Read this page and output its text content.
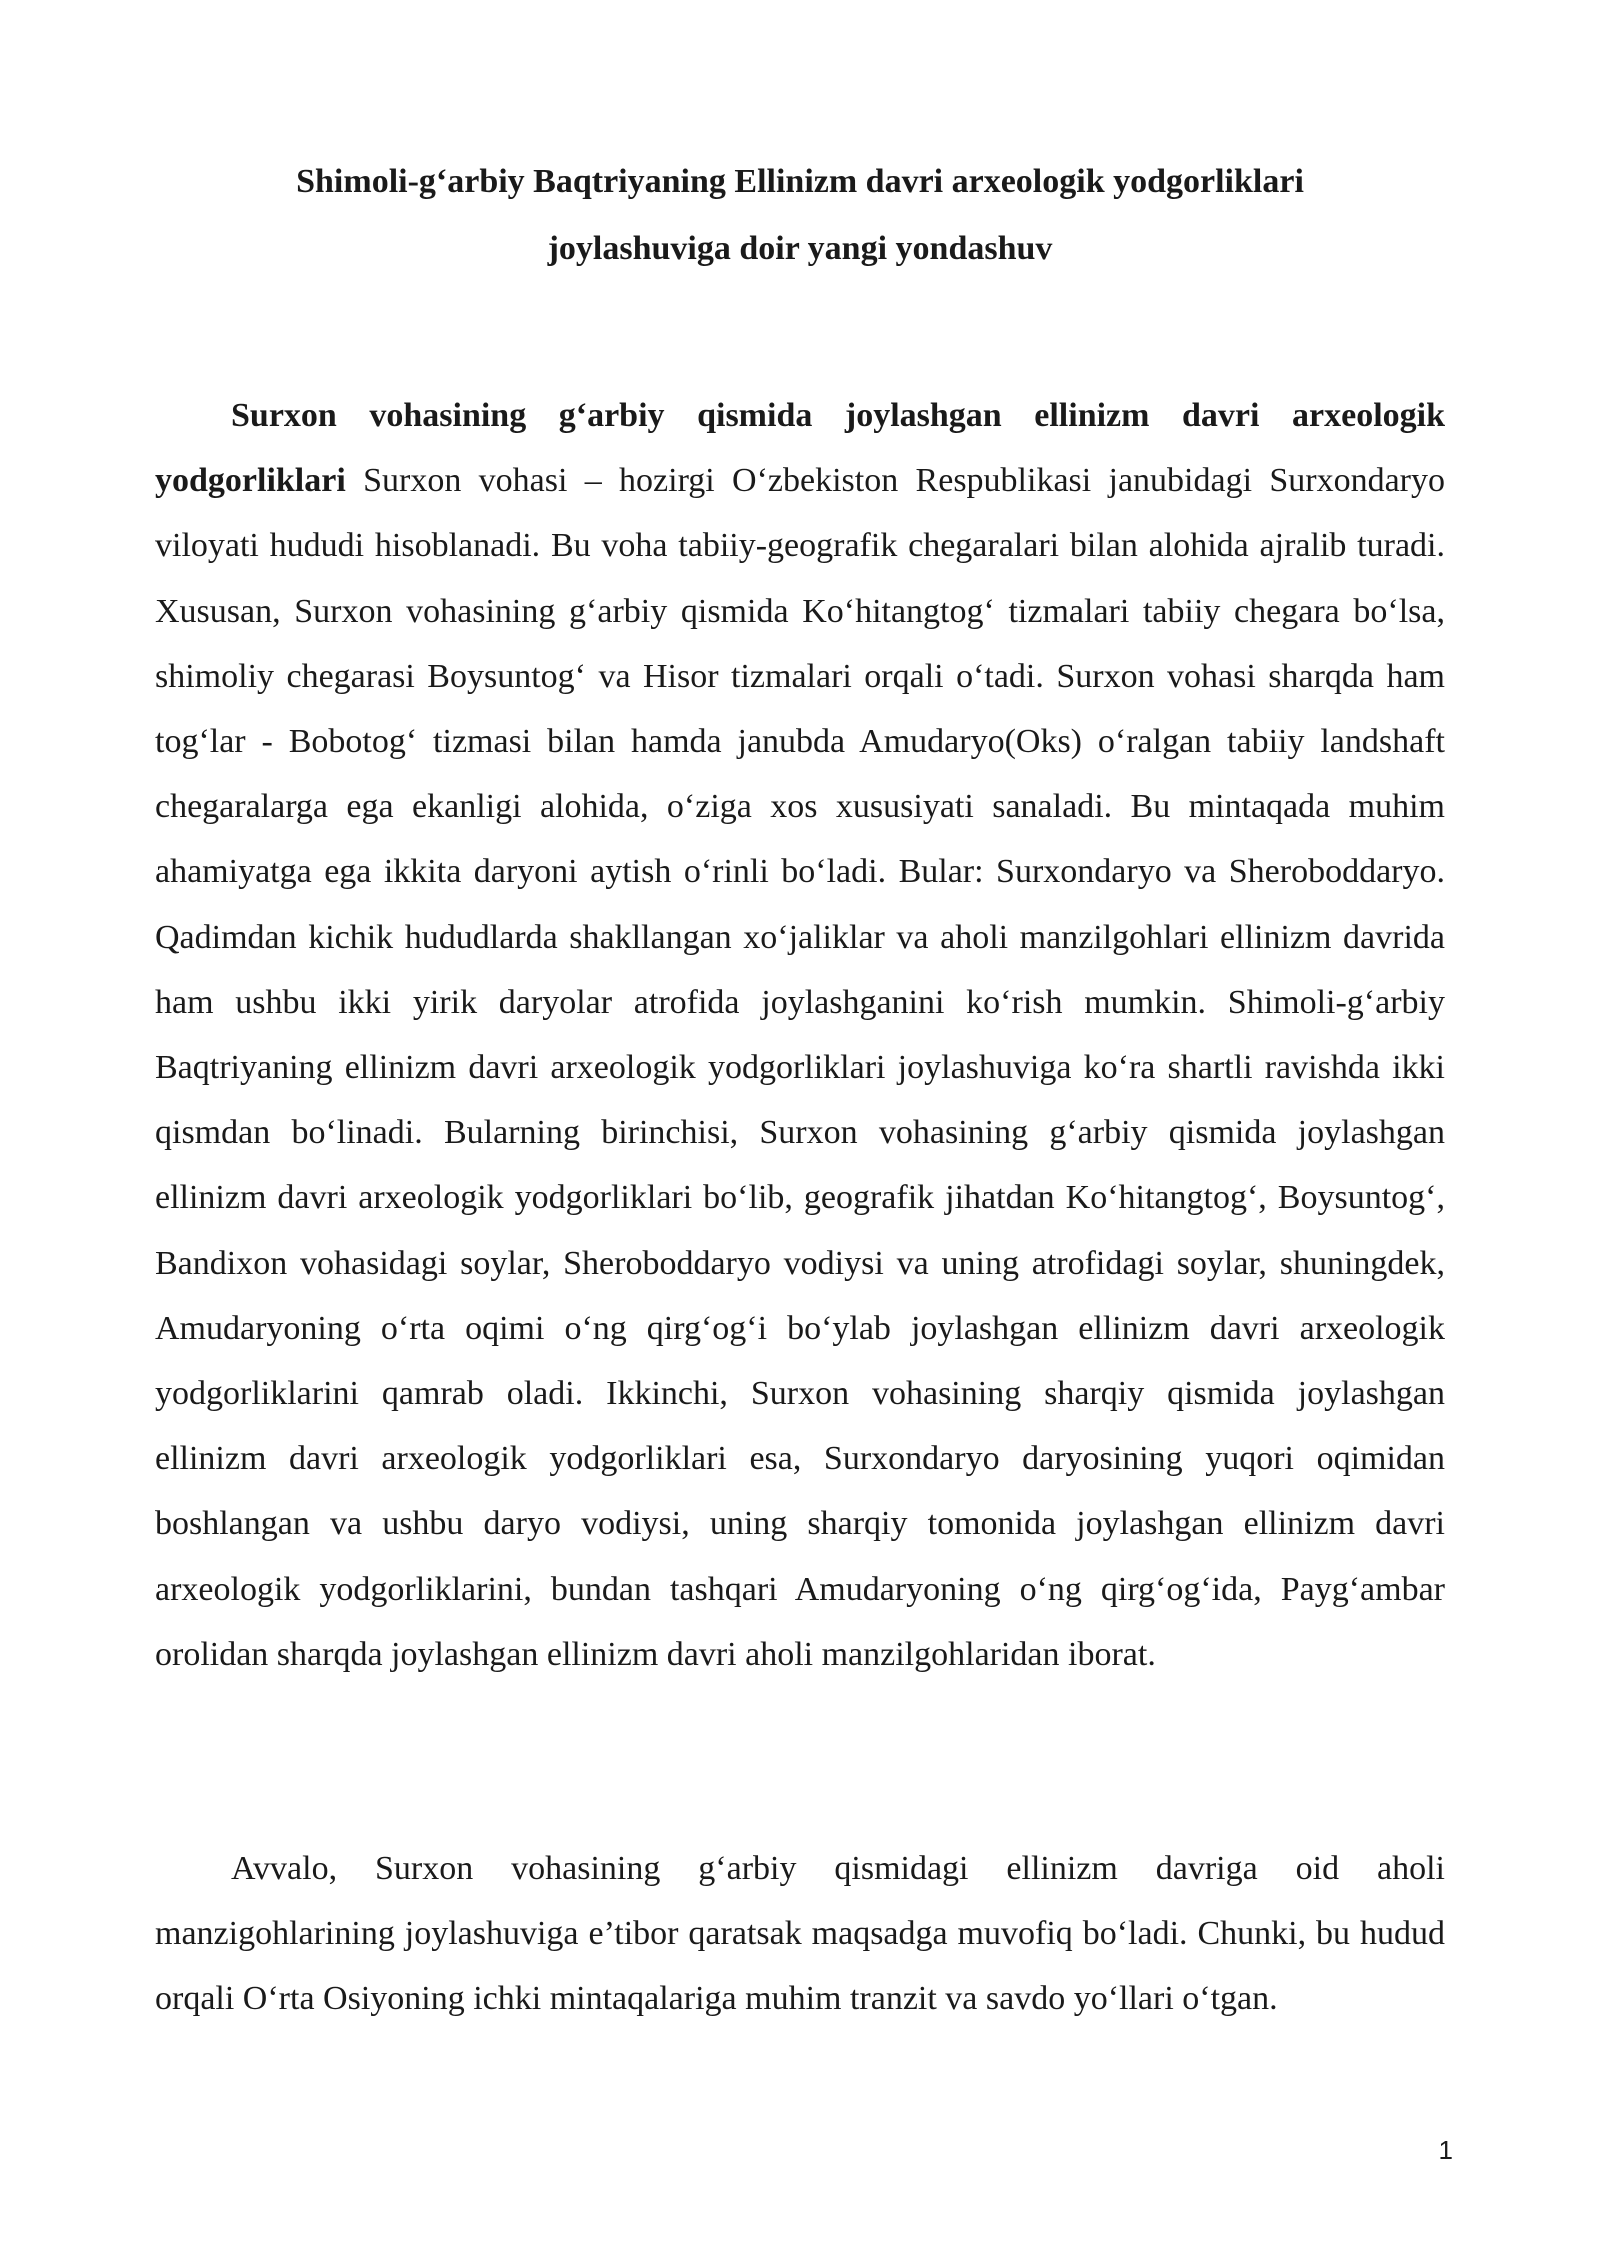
Shimoli-g‘arbiy Baqtriyaning Ellinizm davri arxeologik yodgorliklari
joylashuviga doir yangi yondashuv

Surxon vohasining g‘arbiy qismida joylashgan ellinizm davri arxeologik yodgorliklari Surxon vohasi – hozirgi O‘zbekiston Respublikasi janubidagi Surxondaryo viloyati hududi hisoblanadi. Bu voha tabiiy-geografik chegaralari bilan alohida ajralib turadi. Xususan, Surxon vohasining g‘arbiy qismida Ko‘hitangtog‘ tizmalari tabiiy chegara bo‘lsa, shimoliy chegarasi Boysuntog‘ va Hisor tizmalari orqali o‘tadi. Surxon vohasi sharqda ham tog‘lar - Bobotog‘ tizmasi bilan hamda janubda Amudaryo(Oks) o‘ralgan tabiiy landshaft chegaralarga ega ekanligi alohida, o‘ziga xos xususiyati sanaladi. Bu mintaqada muhim ahamiyatga ega ikkita daryoni aytish o‘rinli bo‘ladi. Bular: Surxondaryo va Sheroboddaryo. Qadimdan kichik hududlarda shakllangan xo‘jaliklar va aholi manzilgohlari ellinizm davrida ham ushbu ikki yirik daryolar atrofida joylashganini ko‘rish mumkin. Shimoli-g‘arbiy Baqtriyaning ellinizm davri arxeologik yodgorliklari joylashuviga ko‘ra shartli ravishda ikki qismdan bo‘linadi. Bularning birinchisi, Surxon vohasining g‘arbiy qismida joylashgan ellinizm davri arxeologik yodgorliklari bo‘lib, geografik jihatdan Ko‘hitangtog‘, Boysuntog‘, Bandixon vohasidagi soylar, Sheroboddaryo vodiysi va uning atrofidagi soylar, shuningdek, Amudaryoning o‘rta oqimi o‘ng qirg‘og‘i bo‘ylab joylashgan ellinizm davri arxeologik yodgorliklarini qamrab oladi. Ikkinchi, Surxon vohasining sharqiy qismida joylashgan ellinizm davri arxeologik yodgorliklari esa, Surxondaryo daryosining yuqori oqimidan boshlangan va ushbu daryo vodiysi, uning sharqiy tomonida joylashgan ellinizm davri arxeologik yodgorliklarini, bundan tashqari Amudaryoning o‘ng qirg‘og‘ida, Payg‘ambar orolidan sharqda joylashgan ellinizm davri aholi manzilgohlaridan iborat.

Avvalo, Surxon vohasining g‘arbiy qismidagi ellinizm davriga oid aholi manzigohlarining joylashuviga e’tibor qaratsak maqsadga muvofiq bo‘ladi. Chunki, bu hudud orqali O‘rta Osiyoning ichki mintaqalariga muhim tranzit va savdo yo‘llari o‘tgan.

1
